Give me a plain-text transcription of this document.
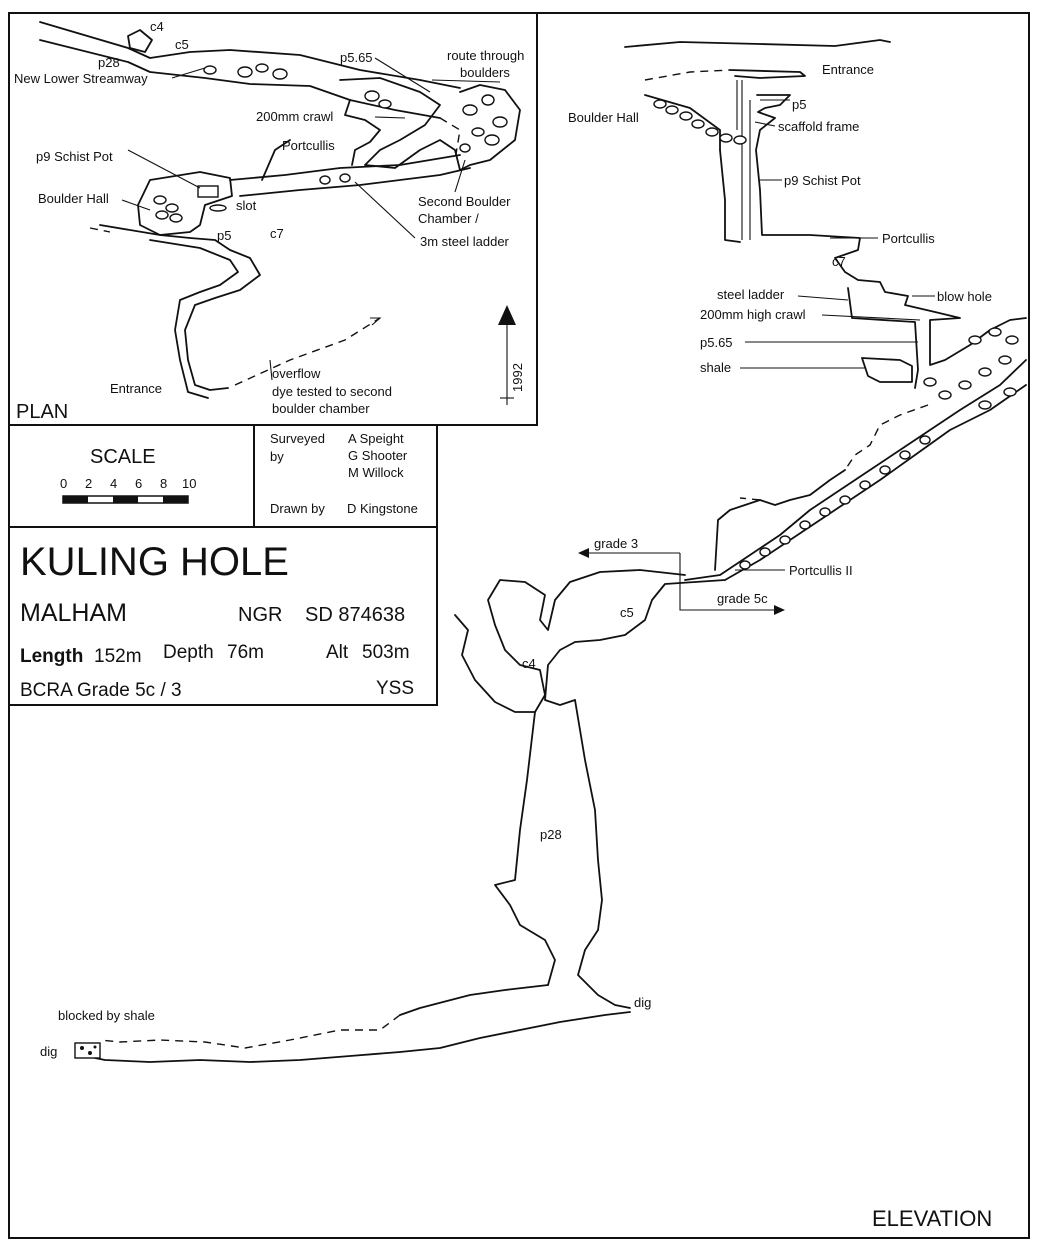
c4
c5
p28
New Lower Streamway
p5.65	route through
boulders
200mm crawl
Portcullis
p9 Schist Pot
Boulder Hall	slot	Second Boulder
Chamber /
c7
p5	3m steel ladder
Entrance
overflow
dye tested to second
boulder chamber
1992
PLAN
SCALE
0 2 4 6 8 10
Surveyed
by
A Speight
G Shooter
M Willock
Drawn by D Kingstone
KULING HOLE
MALHAM	NGR SD 874638
Length 152m Depth 76m	Alt 503m
BCRA Grade 5c / 3	YSS
Entrance
Boulder Hall
p5
scaffold frame
p9 Schist Pot
Portcullis
c7
steel ladder	blow hole
200mm high crawl
p5.65
shale
grade 3
Portcullis II
grade 5c
c5
c4
p28
dig
blocked by shale
dig
ELEVATION
